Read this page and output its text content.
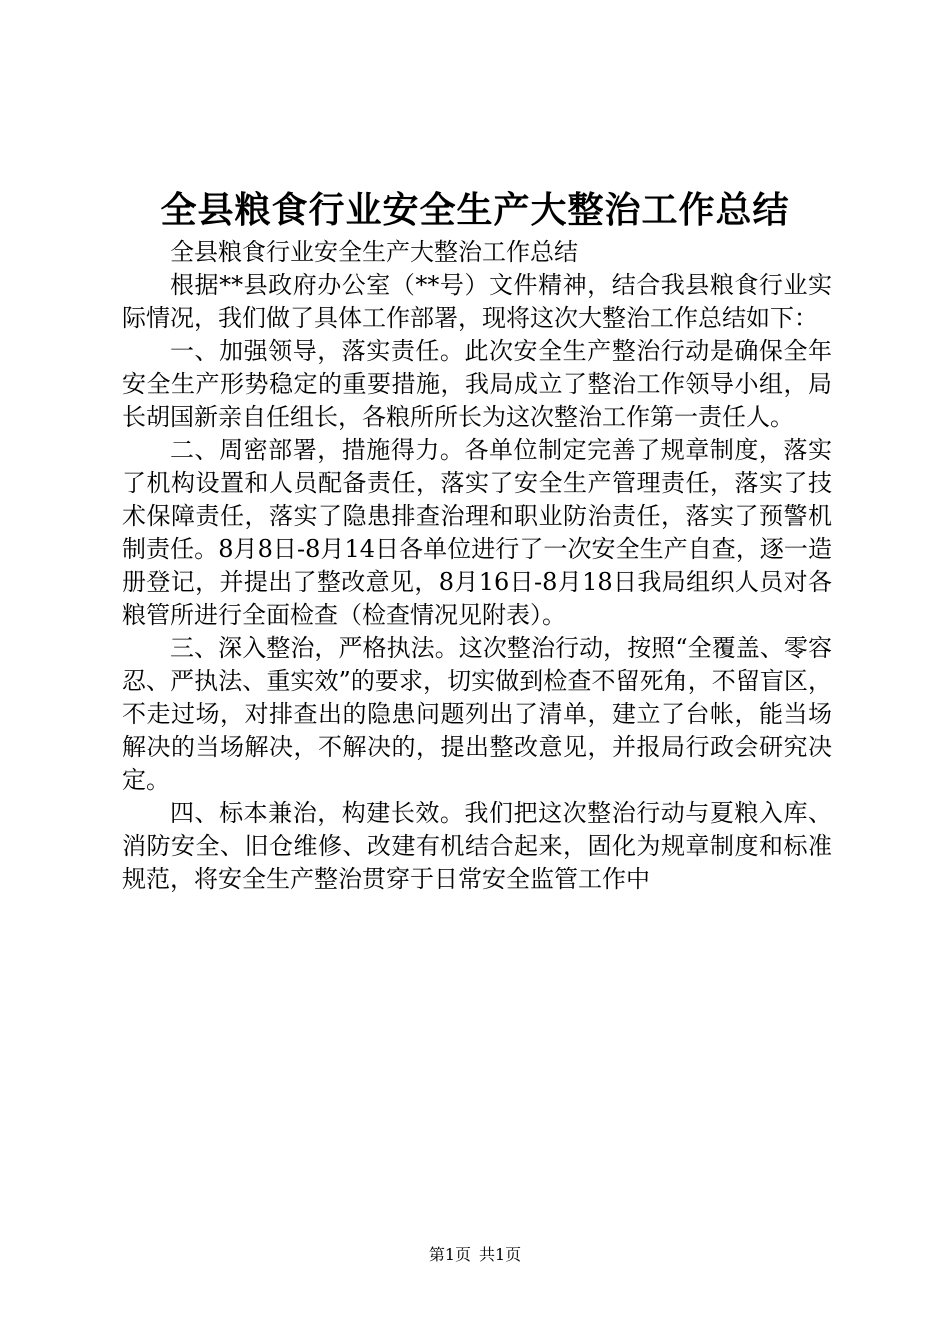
全县粮食行业安全生产大整治工作总结

全县粮食行业安全生产大整治工作总结

根据**县政府办公室（**号）文件精神，结合我县粮食行业实际情况，我们做了具体工作部署，现将这次大整治工作总结如下：

一、加强领导，落实责任。此次安全生产整治行动是确保全年安全生产形势稳定的重要措施，我局成立了整治工作领导小组，局长胡国新亲自任组长，各粮所所长为这次整治工作第一责任人。

二、周密部署，措施得力。各单位制定完善了规章制度，落实了机构设置和人员配备责任，落实了安全生产管理责任，落实了技术保障责任，落实了隐患排查治理和职业防治责任，落实了预警机制责任。8月8日-8月14日各单位进行了一次安全生产自查，逐一造册登记，并提出了整改意见，8月16日-8月18日我局组织人员对各粮管所进行全面检查（检查情况见附表）。

三、深入整治，严格执法。这次整治行动，按照“全覆盖、零容忍、严执法、重实效”的要求，切实做到检查不留死角，不留盲区，不走过场，对排查出的隐患问题列出了清单，建立了台帐，能当场解决的当场解决，不解决的，提出整改意见，并报局行政会研究决定。

四、标本兼治，构建长效。我们把这次整治行动与夏粮入库、消防安全、旧仓维修、改建有机结合起来，固化为规章制度和标准规范，将安全生产整治贯穿于日常安全监管工作中

第1页 共1页
